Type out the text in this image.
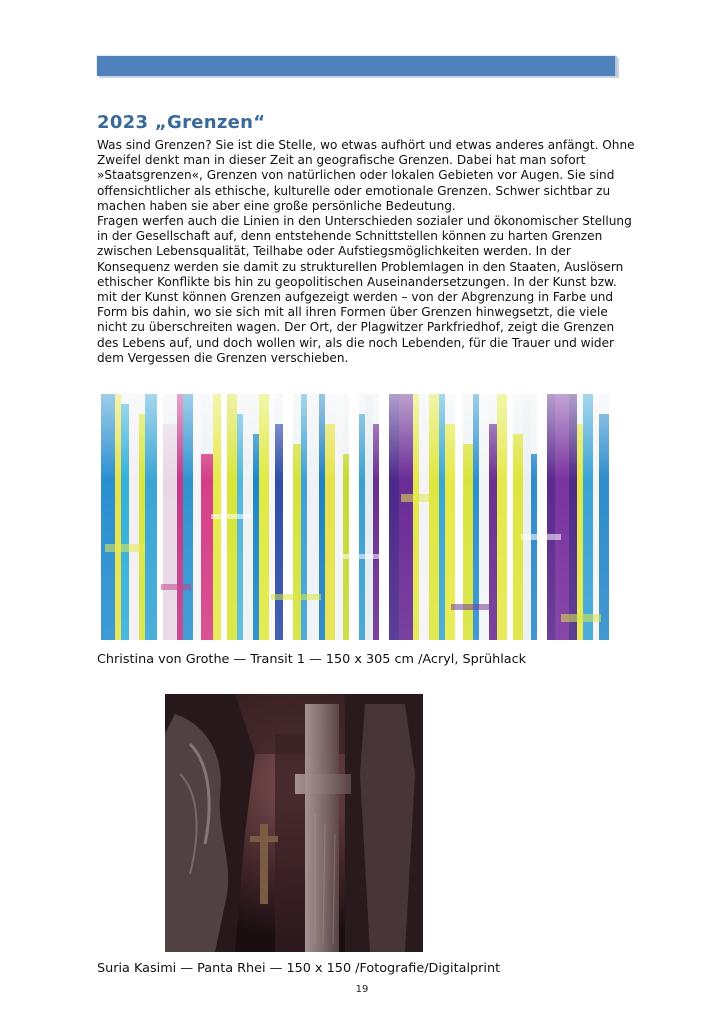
2023 „Grenzen“

Was sind Grenzen? Sie ist die Stelle, wo etwas aufhört und etwas anderes anfängt. Ohne Zweifel denkt man in dieser Zeit an geografische Grenzen. Dabei hat man sofort »Staatsgrenzen«, Grenzen von natürlichen oder lokalen Gebieten vor Augen. Sie sind offensichtlicher als ethische, kulturelle oder emotionale Grenzen. Schwer sichtbar zu machen haben sie aber eine große persönliche Bedeutung.

Fragen werfen auch die Linien in den Unterschieden sozialer und ökonomischer Stellung in der Gesellschaft auf, denn entstehende Schnittstellen können zu harten Grenzen zwischen Lebensqualität, Teilhabe oder Aufstiegsmöglichkeiten werden. In der Konsequenz werden sie damit zu strukturellen Problemlagen in den Staaten, Auslösern ethischer Konflikte bis hin zu geopolitischen Auseinandersetzungen. In der Kunst bzw. mit der Kunst können Grenzen aufgezeigt werden – von der Abgrenzung in Farbe und Form bis dahin, wo sie sich mit all ihren Formen über Grenzen hinwegsetzt, die viele nicht zu überschreiten wagen. Der Ort, der Plagwitzer Parkfriedhof, zeigt die Grenzen des Lebens auf, und doch wollen wir, als die noch Lebenden, für die Trauer und wider dem Vergessen die Grenzen verschieben.

Christina von Grothe — Transit 1 — 150 x 305 cm /Acryl, Sprühlack
Suria Kasimi — Panta Rhei — 150 x 150 /Fotografie/Digitalprint
19
